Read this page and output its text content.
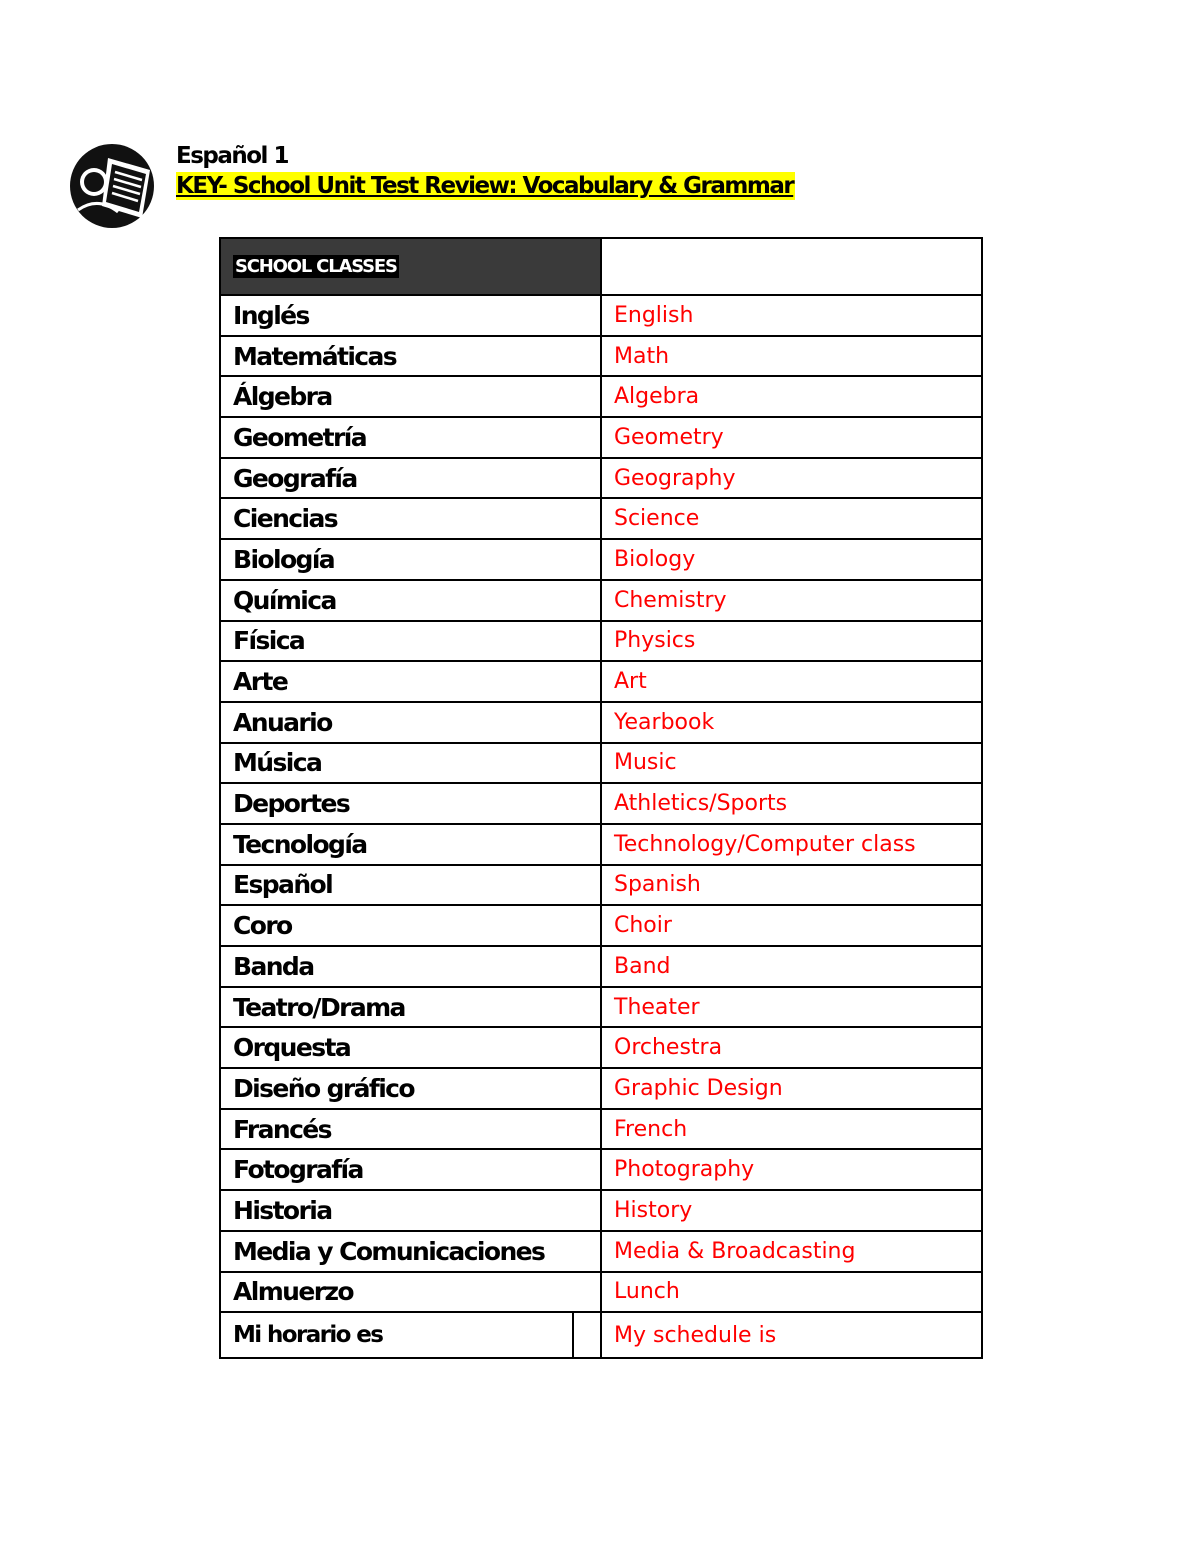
Español 1

KEY- School Unit Test Review: Vocabulary & Grammar

SCHOOL CLASSES	
Inglés	English
Matemáticas	Math
Álgebra	Algebra
Geometría	Geometry
Geografía	Geography
Ciencias	Science
Biología	Biology
Química	Chemistry
Física	Physics
Arte	Art
Anuario	Yearbook
Música	Music
Deportes	Athletics/Sports
Tecnología	Technology/Computer class
Español	Spanish
Coro	Choir
Banda	Band
Teatro/Drama	Theater
Orquesta	Orchestra
Diseño gráfico	Graphic Design
Francés	French
Fotografía	Photography
Historia	History
Media y Comunicaciones	Media & Broadcasting
Almuerzo	Lunch

Mi horario es	My schedule is
